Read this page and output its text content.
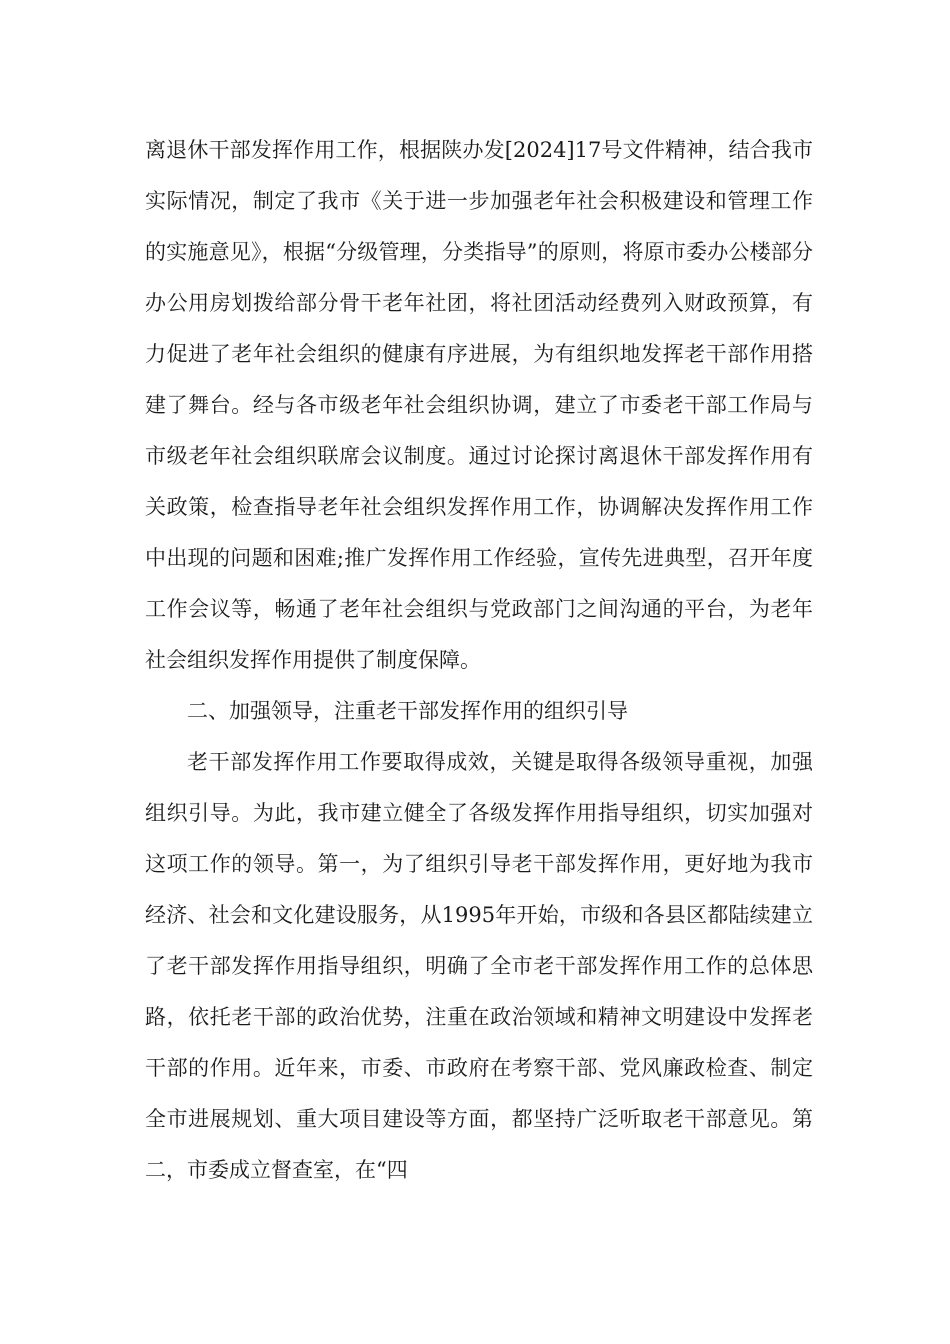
离退休干部发挥作用工作，根据陕办发[2024]17号文件精神，结合我市实际情况，制定了我市《关于进一步加强老年社会积极建设和管理工作的实施意见》，根据“分级管理，分类指导”的原则，将原市委办公楼部分办公用房划拨给部分骨干老年社团，将社团活动经费列入财政预算，有力促进了老年社会组织的健康有序进展，为有组织地发挥老干部作用搭建了舞台。经与各市级老年社会组织协调，建立了市委老干部工作局与市级老年社会组织联席会议制度。通过讨论探讨离退休干部发挥作用有关政策，检查指导老年社会组织发挥作用工作，协调解决发挥作用工作中出现的问题和困难;推广发挥作用工作经验，宣传先进典型，召开年度工作会议等，畅通了老年社会组织与党政部门之间沟通的平台，为老年社会组织发挥作用提供了制度保障。

二、加强领导，注重老干部发挥作用的组织引导

老干部发挥作用工作要取得成效，关键是取得各级领导重视，加强组织引导。为此，我市建立健全了各级发挥作用指导组织，切实加强对这项工作的领导。第一，为了组织引导老干部发挥作用，更好地为我市经济、社会和文化建设服务，从1995年开始，市级和各县区都陆续建立了老干部发挥作用指导组织，明确了全市老干部发挥作用工作的总体思路，依托老干部的政治优势，注重在政治领域和精神文明建设中发挥老干部的作用。近年来，市委、市政府在考察干部、党风廉政检查、制定全市进展规划、重大项目建设等方面，都坚持广泛听取老干部意见。第二，市委成立督查室，在“四
